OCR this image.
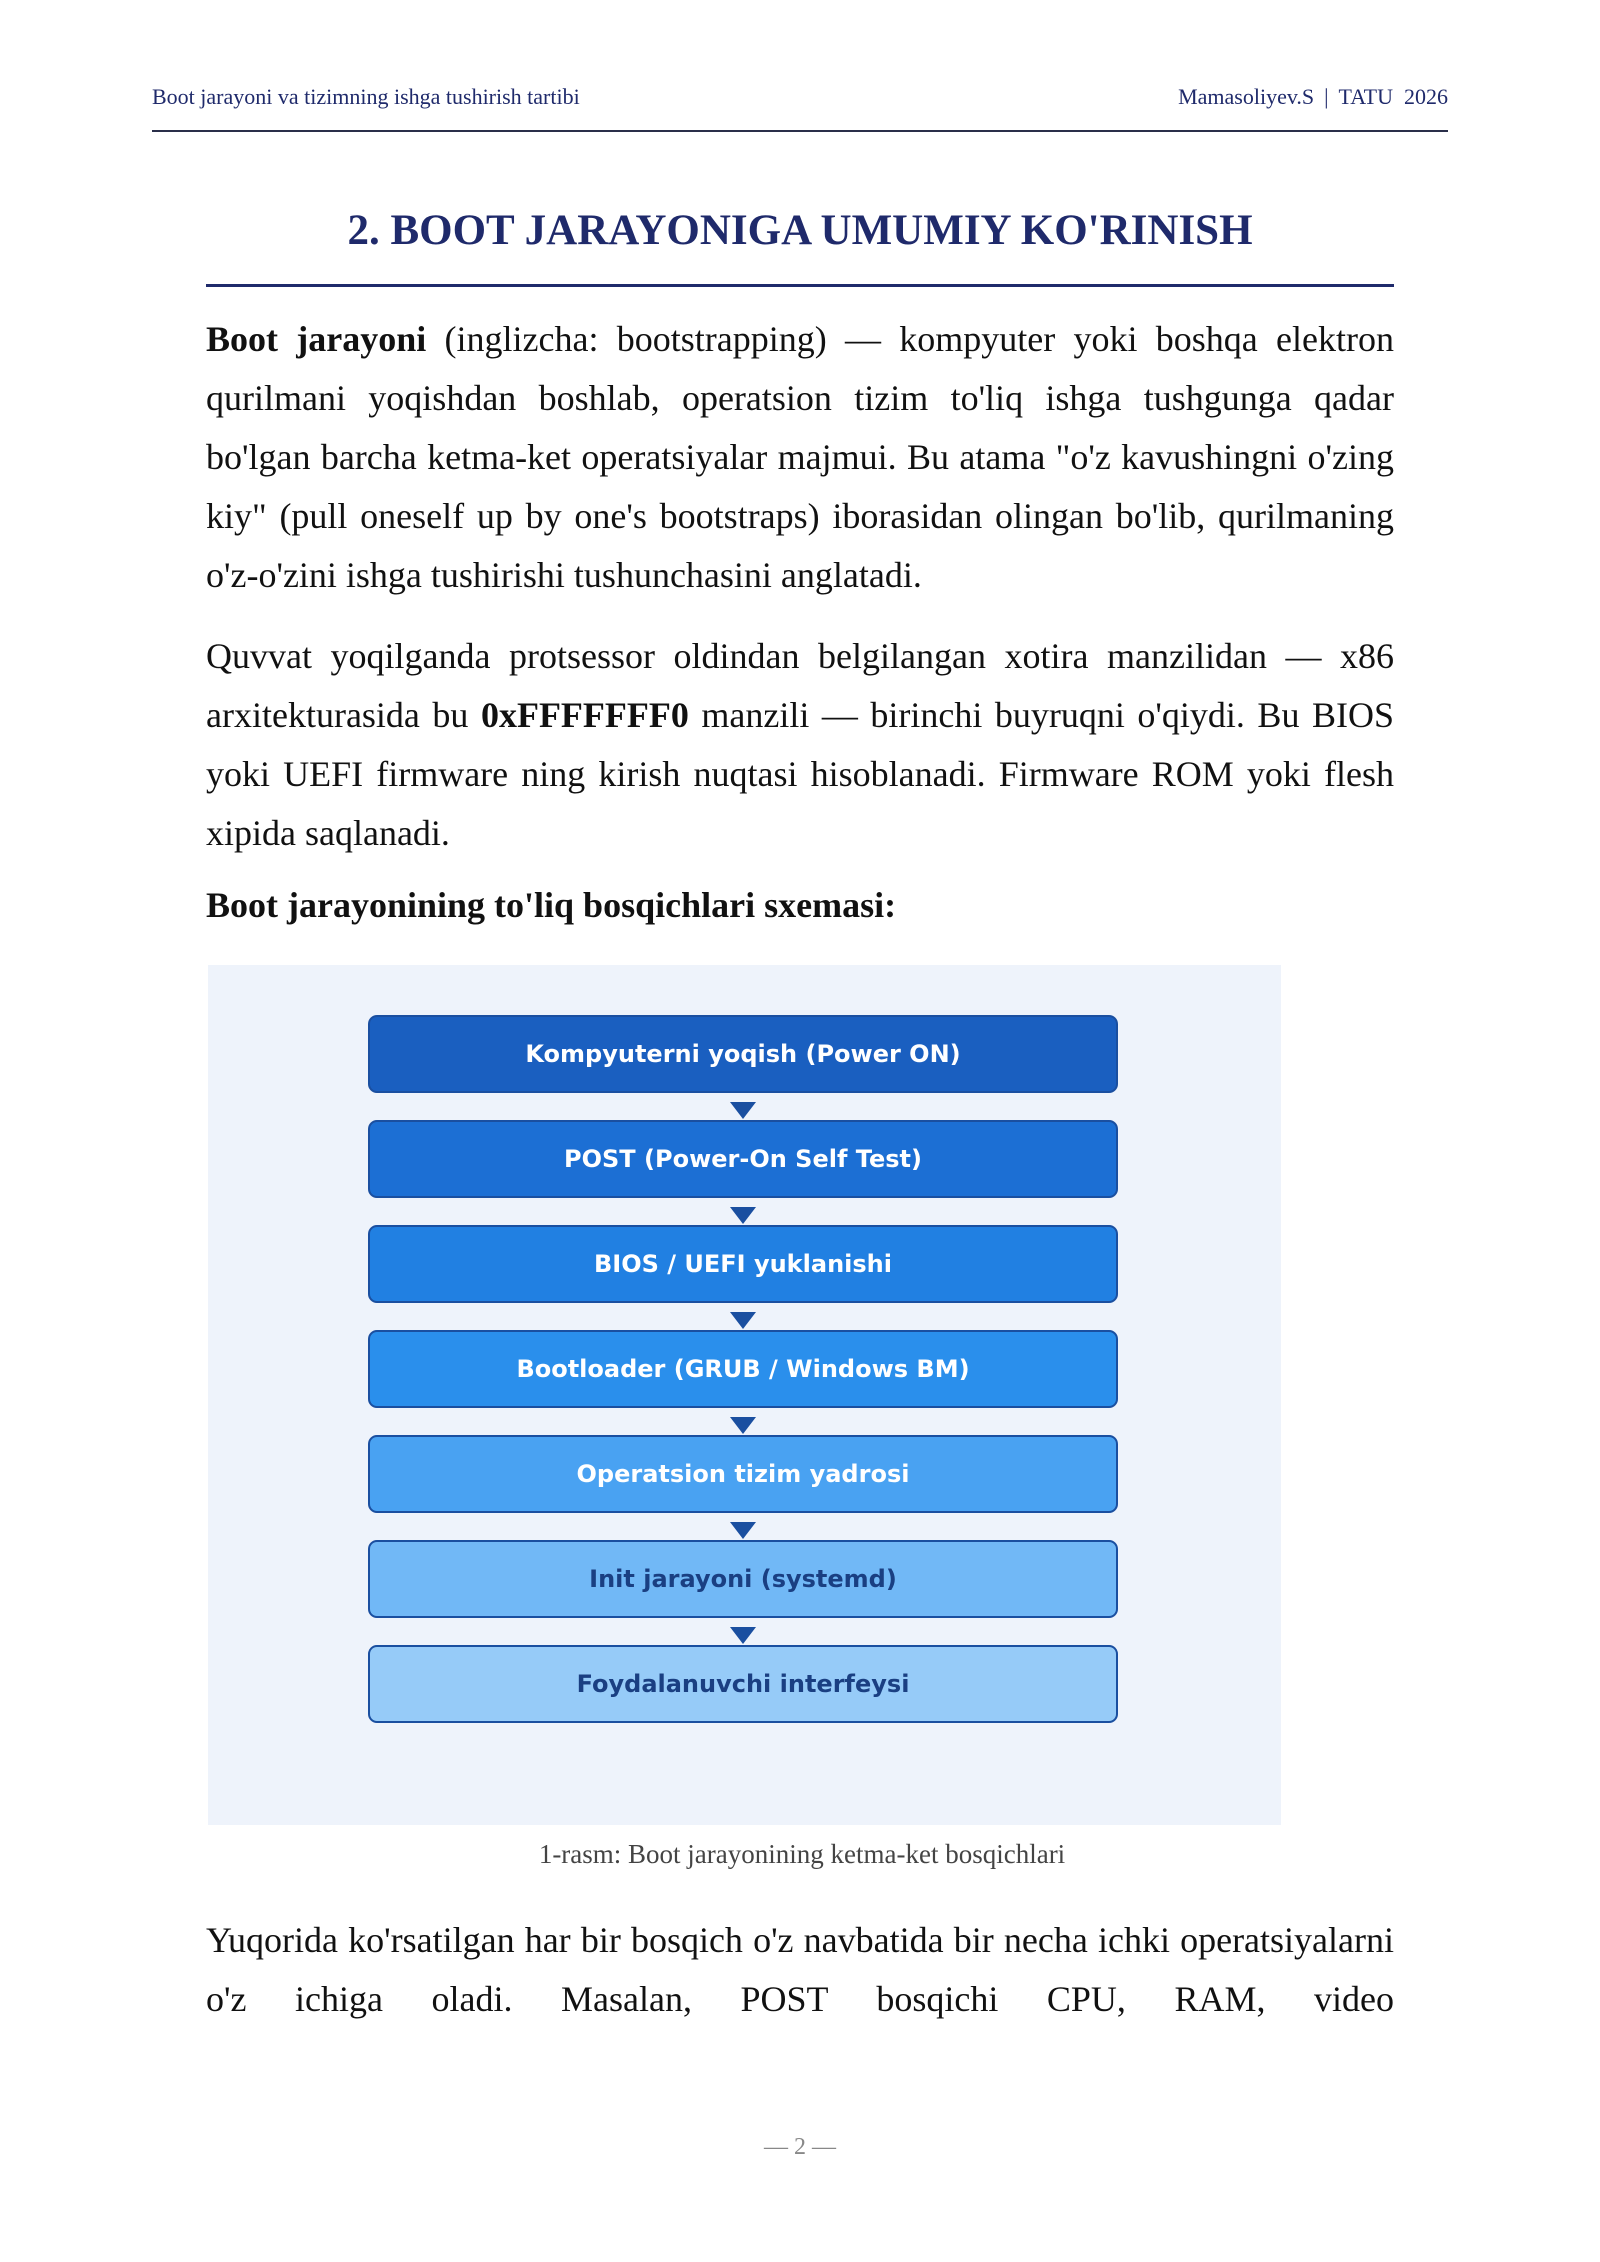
Boot jarayoni va tizimning ishga tushirish tartibi	Mamasoliyev.S | TATU  2026
2. BOOT JARAYONIGA UMUMIY KO'RINISH
Boot jarayoni (inglizcha: bootstrapping) — kompyuter yoki boshqa elektron qurilmani yoqishdan boshlab, operatsion tizim to'liq ishga tushgunga qadar bo'lgan barcha ketma-ket operatsiyalar majmui. Bu atama "o'z kavushingni o'zing kiy" (pull oneself up by one's bootstraps) iborasidan olingan bo'lib, qurilmaning o'z-o'zini ishga tushirishi tushunchasini anglatadi.
Quvvat yoqilganda protsessor oldindan belgilangan xotira manzilidan — x86 arxitekturasida bu 0xFFFFFFF0 manzili — birinchi buyruqni o'qiydi. Bu BIOS yoki UEFI firmware ning kirish nuqtasi hisoblanadi. Firmware ROM yoki flesh xipida saqlanadi.
Boot jarayonining to'liq bosqichlari sxemasi:
Kompyuterni yoqish (Power ON)
POST (Power-On Self Test)
BIOS / UEFI yuklanishi
Bootloader (GRUB / Windows BM)
Operatsion tizim yadrosi
Init jarayoni (systemd)
Foydalanuvchi interfeysi
1-rasm: Boot jarayonining ketma-ket bosqichlari
Yuqorida ko'rsatilgan har bir bosqich o'z navbatida bir necha ichki operatsiyalarni o'z ichiga oladi. Masalan, POST bosqichi CPU, RAM, video
— 2 —
